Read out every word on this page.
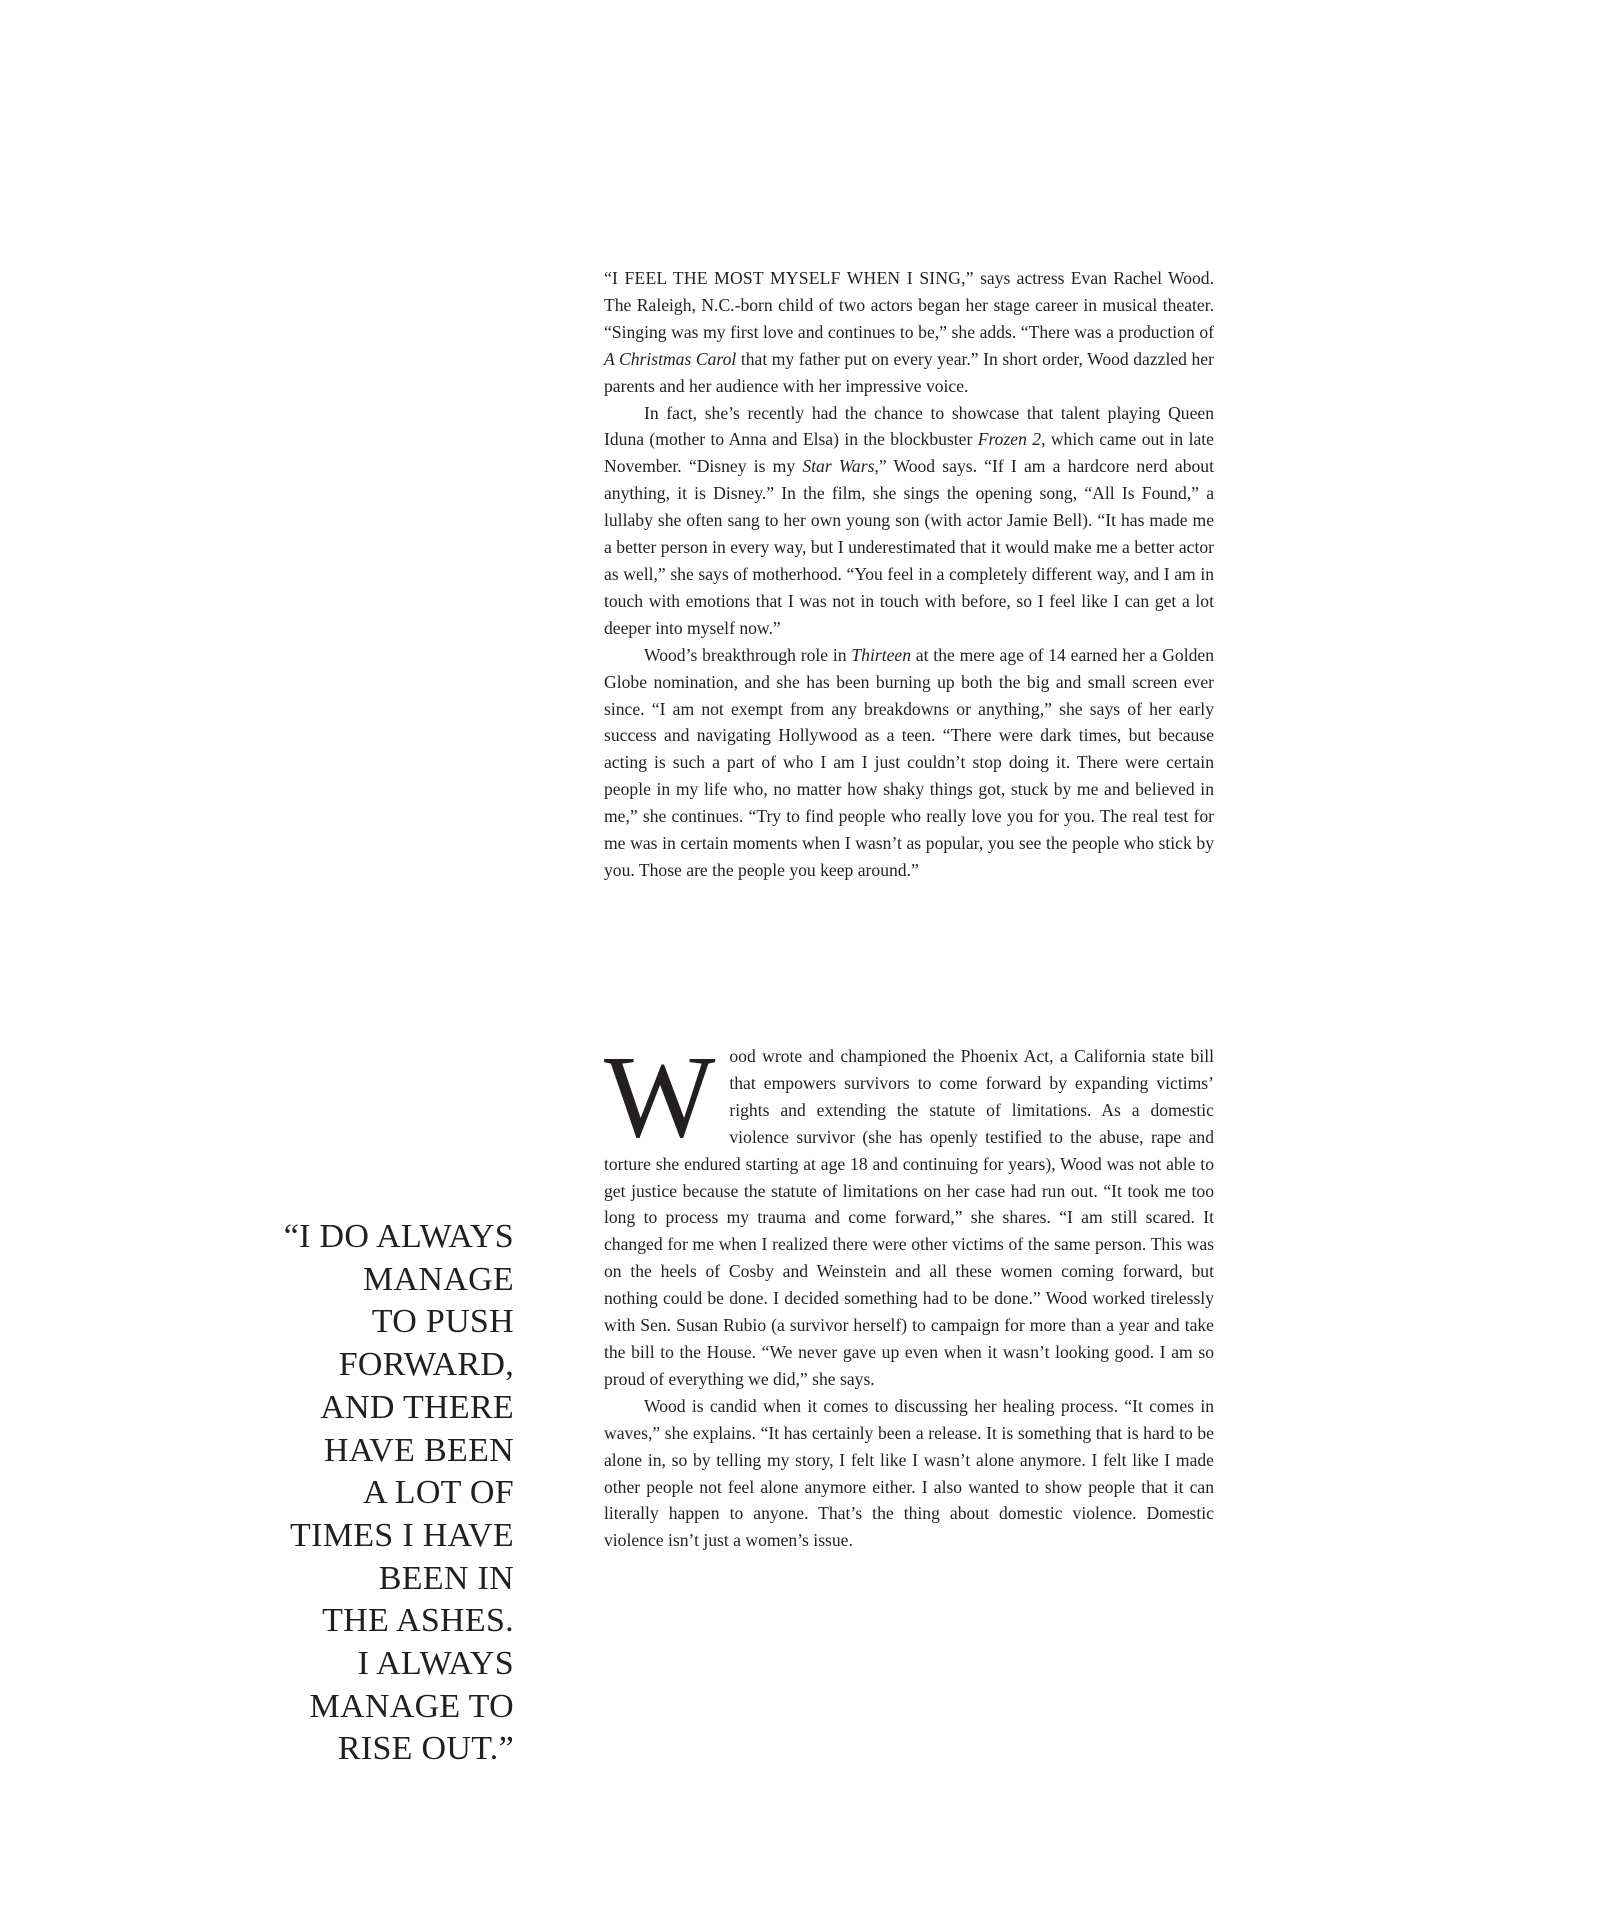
“I FEEL THE MOST MYSELF WHEN I SING,” says actress Evan Rachel Wood. The Raleigh, N.C.-born child of two actors began her stage career in musical theater. “Singing was my first love and continues to be,” she adds. “There was a production of A Christmas Carol that my father put on every year.” In short order, Wood dazzled her parents and her audience with her impressive voice.

In fact, she’s recently had the chance to showcase that talent playing Queen Iduna (mother to Anna and Elsa) in the blockbuster Frozen 2, which came out in late November. “Disney is my Star Wars,” Wood says. “If I am a hardcore nerd about anything, it is Disney.” In the film, she sings the opening song, “All Is Found,” a lullaby she often sang to her own young son (with actor Jamie Bell). “It has made me a better person in every way, but I underestimated that it would make me a better actor as well,” she says of motherhood. “You feel in a completely different way, and I am in touch with emotions that I was not in touch with before, so I feel like I can get a lot deeper into myself now.”

Wood’s breakthrough role in Thirteen at the mere age of 14 earned her a Golden Globe nomination, and she has been burning up both the big and small screen ever since. “I am not exempt from any breakdowns or anything,” she says of her early success and navigating Hollywood as a teen. “There were dark times, but because acting is such a part of who I am I just couldn’t stop doing it. There were certain people in my life who, no matter how shaky things got, stuck by me and believed in me,” she continues. “Try to find people who really love you for you. The real test for me was in certain moments when I wasn’t as popular, you see the people who stick by you. Those are the people you keep around.”

Wood wrote and championed the Phoenix Act, a California state bill that empowers survivors to come forward by expanding victims’ rights and extending the statute of limitations. As a domestic violence survivor (she has openly testified to the abuse, rape and torture she endured starting at age 18 and continuing for years), Wood was not able to get justice because the statute of limitations on her case had run out. “It took me too long to process my trauma and come forward,” she shares. “I am still scared. It changed for me when I realized there were other victims of the same person. This was on the heels of Cosby and Weinstein and all these women coming forward, but nothing could be done. I decided something had to be done.” Wood worked tirelessly with Sen. Susan Rubio (a survivor herself) to campaign for more than a year and take the bill to the House. “We never gave up even when it wasn’t looking good. I am so proud of everything we did,” she says.

Wood is candid when it comes to discussing her healing process. “It comes in waves,” she explains. “It has certainly been a release. It is something that is hard to be alone in, so by telling my story, I felt like I wasn’t alone anymore. I felt like I made other people not feel alone anymore either. I also wanted to show people that it can literally happen to anyone. That’s the thing about domestic violence. Domestic violence isn’t just a women’s issue.

“I DO ALWAYS
MANAGE
TO PUSH
FORWARD,
AND THERE
HAVE BEEN
A LOT OF
TIMES I HAVE
BEEN IN
THE ASHES.
I ALWAYS
MANAGE TO
RISE OUT.”
